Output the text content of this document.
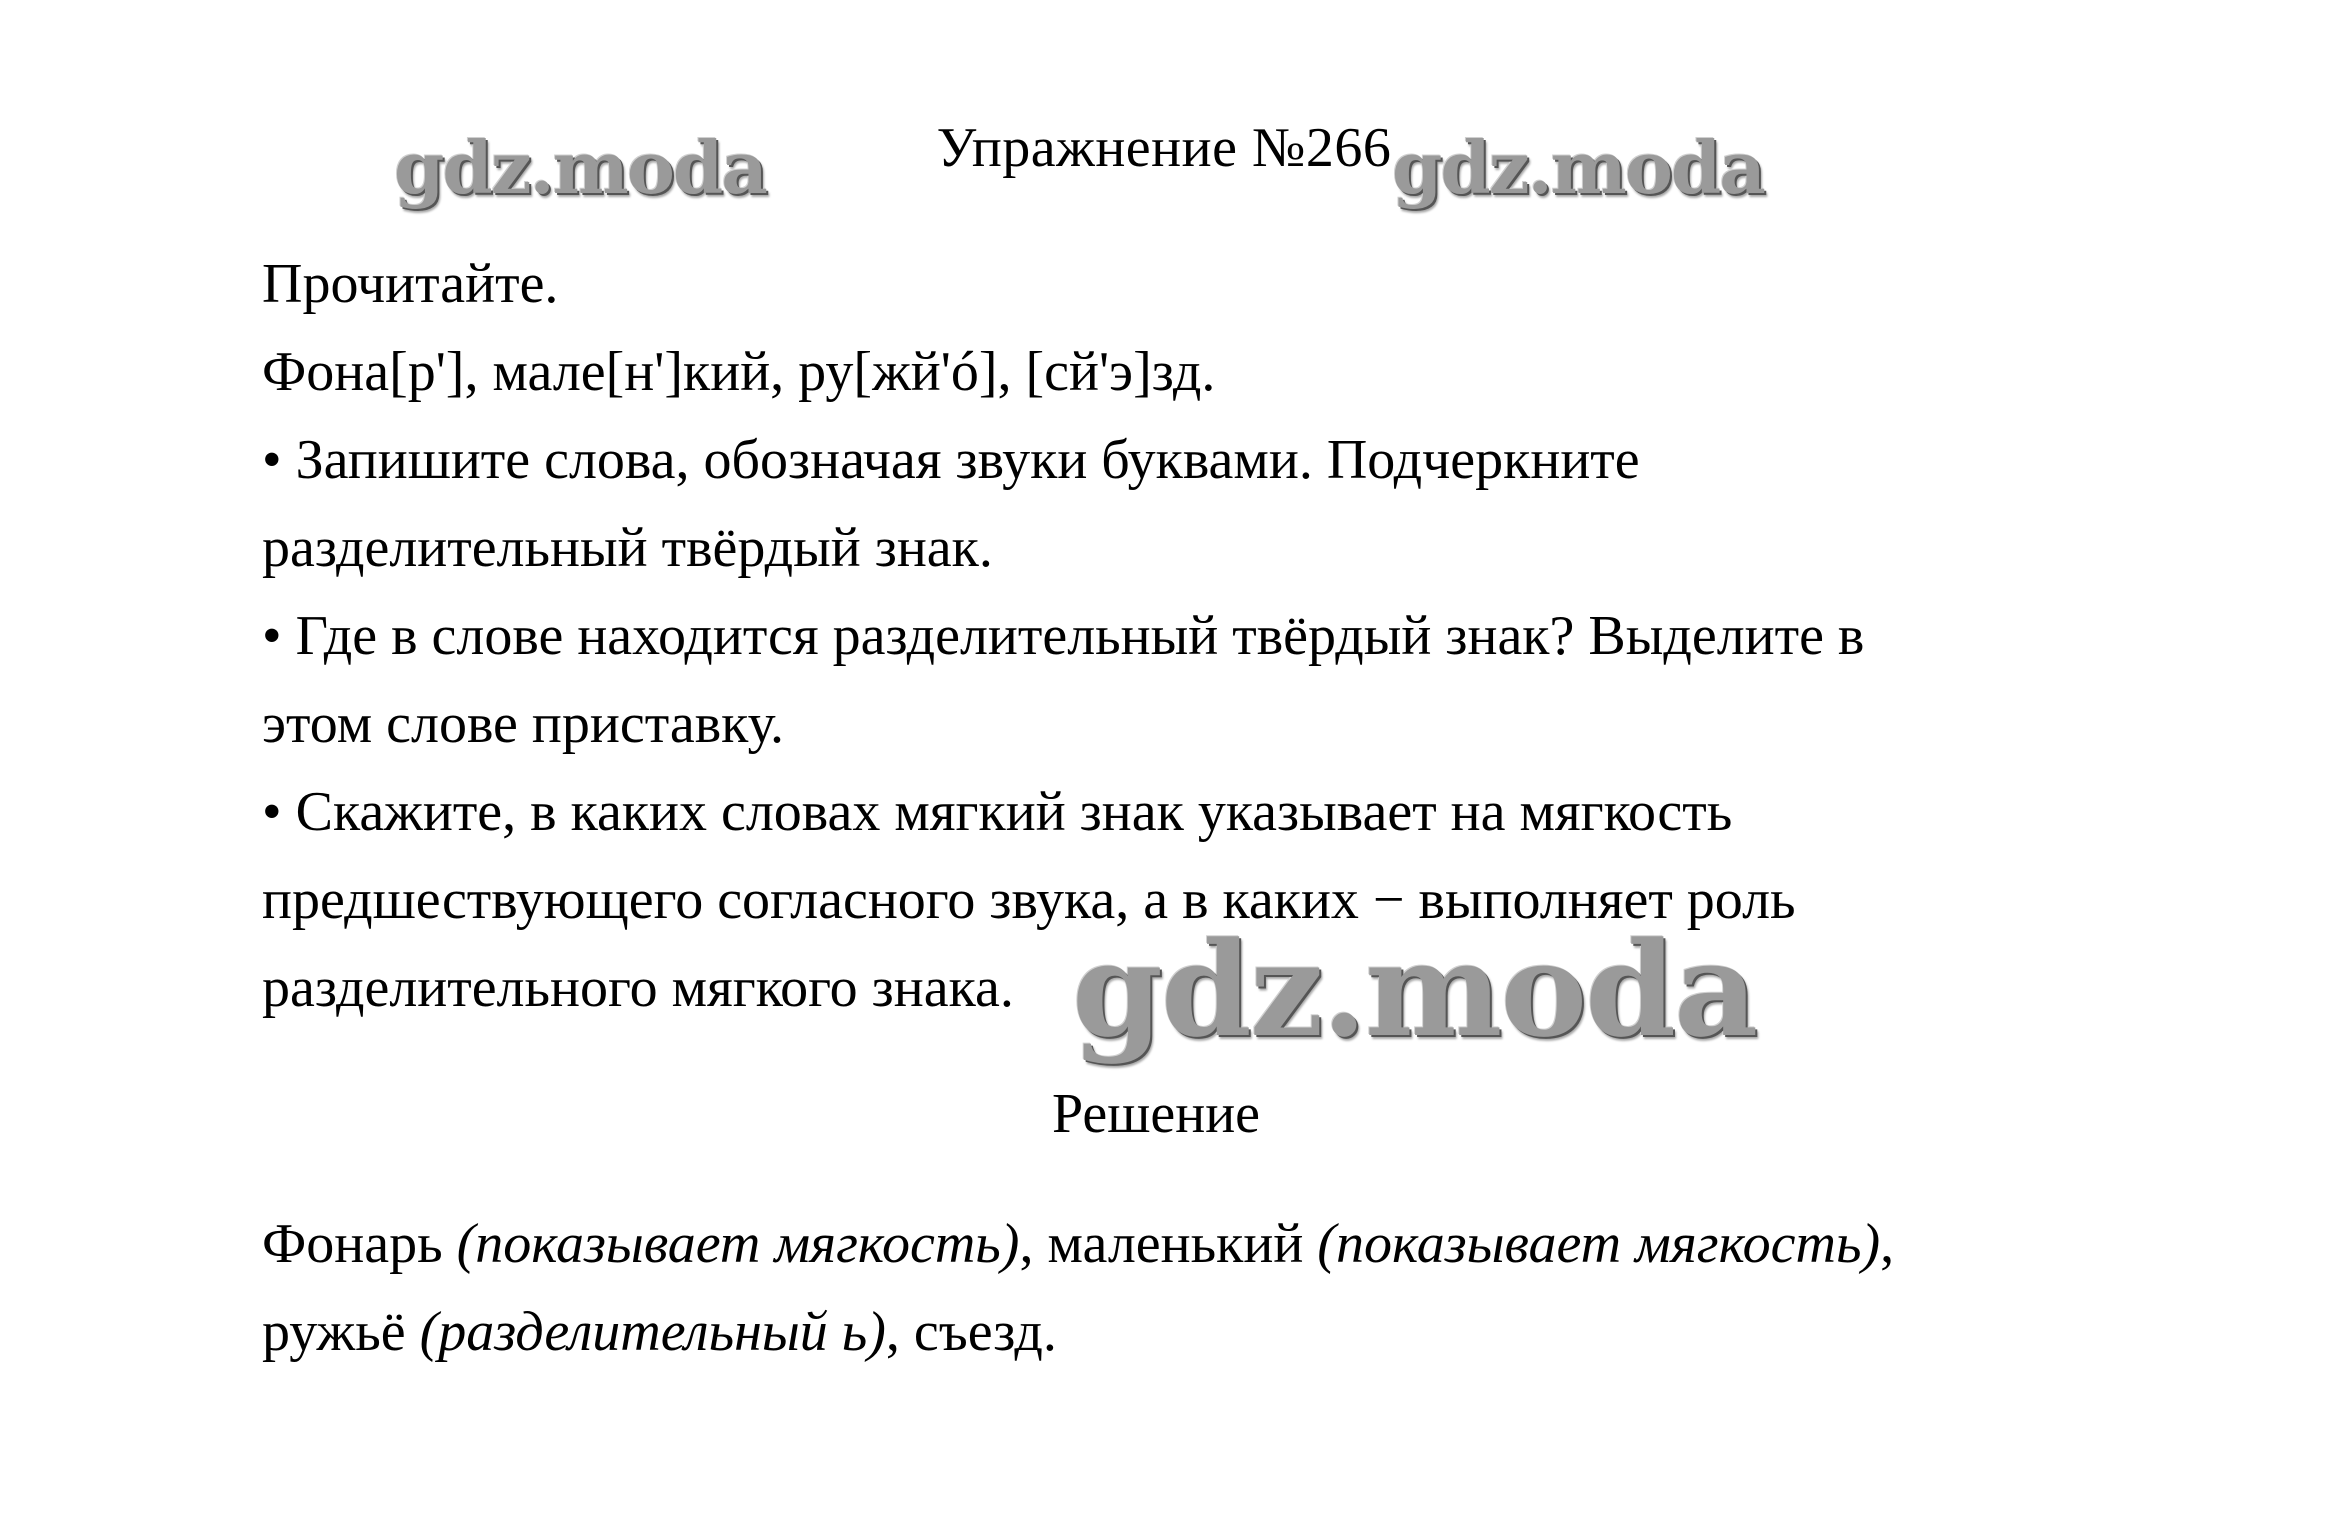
Упражнение №266

Прочитайте.

Фона[р'], мале[н']кий, ру[жй'ó], [сй'э]зд.

• Запишите слова, обозначая звуки буквами. Подчеркните

разделительный твёрдый знак.

• Где в слове находится разделительный твёрдый знак? Выделите в

этом слове приставку.

• Скажите, в каких словах мягкий знак указывает на мягкость

предшествующего согласного звука, а в каких − выполняет роль

разделительного мягкого знака.

Решение

Фонарь (показывает мягкость), маленький (показывает мягкость),

ружьё (разделительный ь), съезд.

gdz.moda	gdz.moda
gdz.moda
